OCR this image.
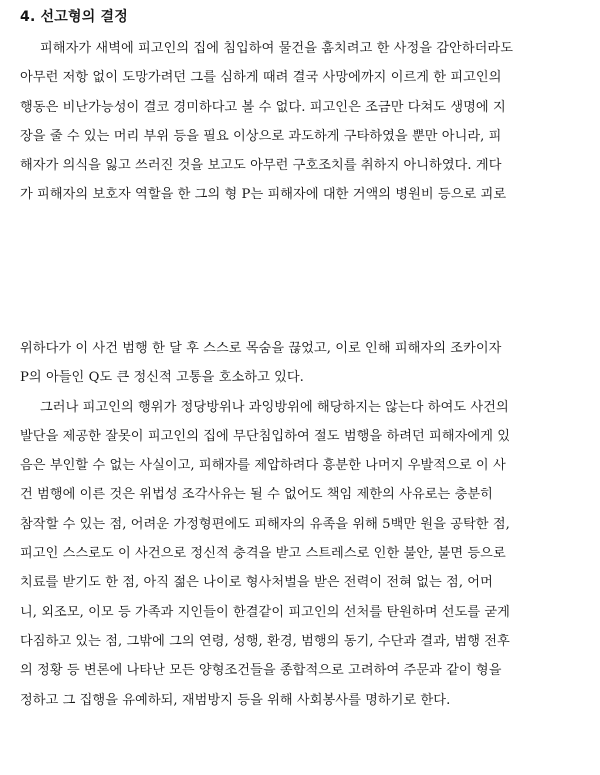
4. 선고형의 결정
피해자가 새벽에 피고인의 집에 침입하여 물건을 훔치려고 한 사정을 감안하더라도
아무런 저항 없이 도망가려던 그를 심하게 때려 결국 사망에까지 이르게 한 피고인의
행동은 비난가능성이 결코 경미하다고 볼 수 없다. 피고인은 조금만 다쳐도 생명에 지
장을 줄 수 있는 머리 부위 등을 필요 이상으로 과도하게 구타하였을 뿐만 아니라, 피
해자가 의식을 잃고 쓰러진 것을 보고도 아무런 구호조치를 취하지 아니하였다. 게다
가 피해자의 보호자 역할을 한 그의 형 P는 피해자에 대한 거액의 병원비 등으로 괴로
위하다가 이 사건 범행 한 달 후 스스로 목숨을 끊었고, 이로 인해 피해자의 조카이자
P의 아들인 Q도 큰 정신적 고통을 호소하고 있다.
그러나 피고인의 행위가 정당방위나 과잉방위에 해당하지는 않는다 하여도 사건의
발단을 제공한 잘못이 피고인의 집에 무단침입하여 절도 범행을 하려던 피해자에게 있
음은 부인할 수 없는 사실이고, 피해자를 제압하려다 흥분한 나머지 우발적으로 이 사
건 범행에 이른 것은 위법성 조각사유는 될 수 없어도 책임 제한의 사유로는 충분히
참작할 수 있는 점, 어려운 가정형편에도 피해자의 유족을 위해 5백만 원을 공탁한 점,
피고인 스스로도 이 사건으로 정신적 충격을 받고 스트레스로 인한 불안, 불면 등으로
치료를 받기도 한 점, 아직 젊은 나이로 형사처벌을 받은 전력이 전혀 없는 점, 어머
니, 외조모, 이모 등 가족과 지인들이 한결같이 피고인의 선처를 탄원하며 선도를 굳게
다짐하고 있는 점, 그밖에 그의 연령, 성행, 환경, 범행의 동기, 수단과 결과, 범행 전후
의 정황 등 변론에 나타난 모든 양형조건들을 종합적으로 고려하여 주문과 같이 형을
정하고 그 집행을 유예하되, 재범방지 등을 위해 사회봉사를 명하기로 한다.
